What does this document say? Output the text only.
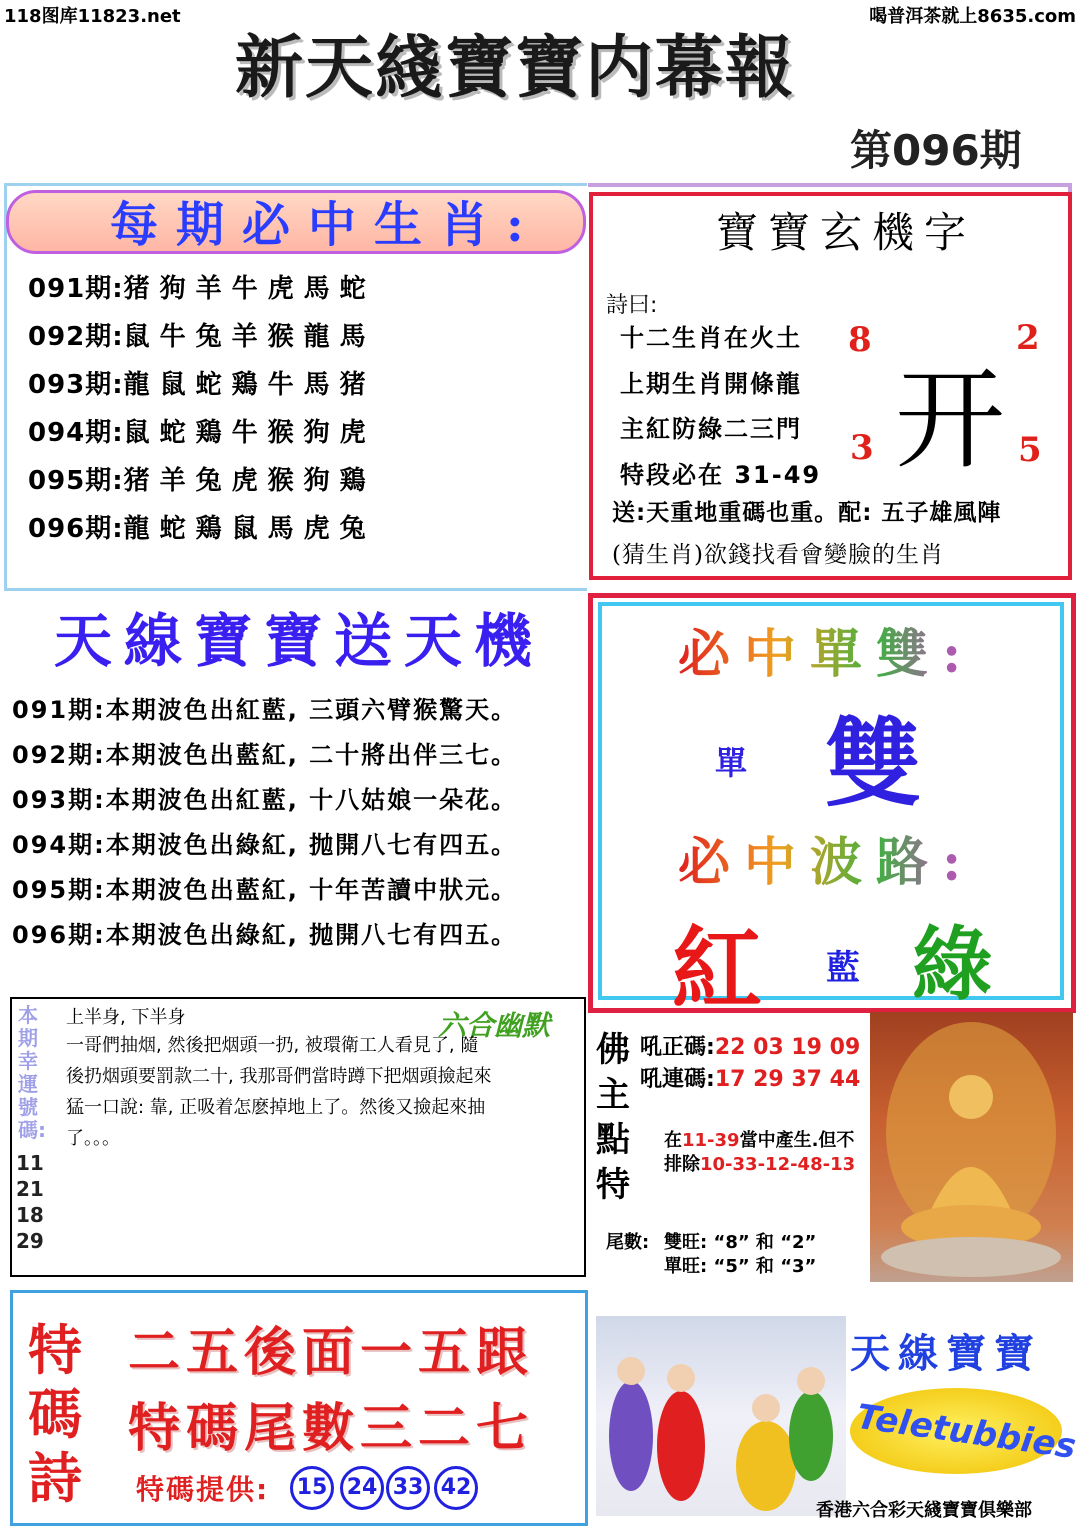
118图库11823.net	喝普洱茶就上8635.com
新天綫寶寶内幕報
第096期
每期必中生肖:
091期:猪狗羊牛虎馬蛇
092期:鼠牛兔羊猴龍馬
093期:龍鼠蛇鶏牛馬猪
094期:鼠蛇鶏牛猴狗虎
095期:猪羊兔虎猴狗鶏
096期:龍蛇鶏鼠馬虎兔
寶寶玄機字
詩曰:
十二生肖在火土
上期生肖開條龍
主紅防綠二三門
特段必在 31-49
8	2
3	5
开
送:天重地重碼也重。配: 五子雄風陣
(猜生肖)欲錢找看會變臉的生肖
天線寶寶送天機
091期:本期波色出紅藍, 三頭六臂猴驚天。
092期:本期波色出藍紅, 二十將出伴三七。
093期:本期波色出紅藍, 十八姑娘一朵花。
094期:本期波色出綠紅, 抛開八七有四五。
095期:本期波色出藍紅, 十年苦讀中狀元。
096期:本期波色出綠紅, 抛開八七有四五。
必中單雙:
單 雙
必中波路:
紅 藍 綠
本期幸運號碼:
11 21 18 29
六合幽默
上半身, 下半身
一哥們抽烟, 然後把烟頭一扔, 被環衛工人看見了, 隨後扔烟頭要罰款二十, 我那哥們當時蹲下把烟頭撿起來猛一口說: 靠, 正吸着怎麽掉地上了。然後又撿起來抽了。。。
佛主點特
吼正碼:22 03 19 09
吼連碼:17 29 37 44
在11-39當中產生.但不
排除10-33-12-48-13
尾數: 雙旺: “8” 和 “2”
單旺: “5” 和 “3”
特碼詩
二五後面一五跟
特碼尾數三二七
特碼提供:	15 24 33 42
天線寶寶
Teletubbies
香港六合彩天綫寶寶俱樂部
